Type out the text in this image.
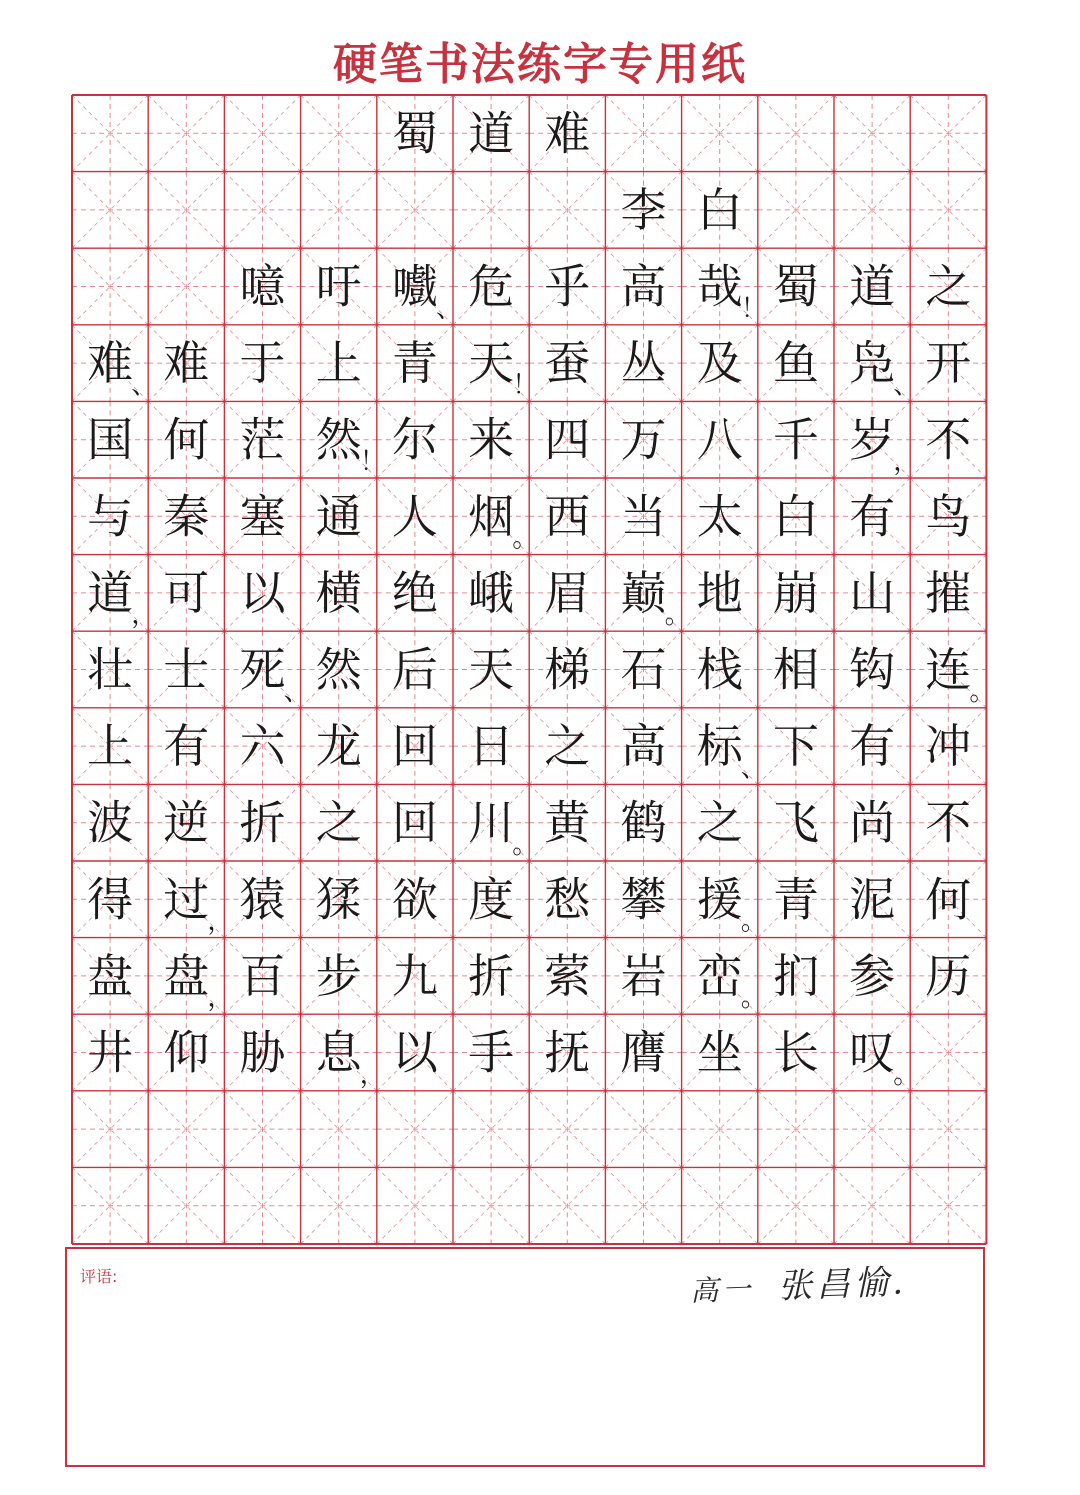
硬笔书法练字专用纸
蜀 道 难
李 白
噫 吁 嚱 危 乎 高 哉 蜀 道 之
难 难 于 上 青 天 蚕 丛 及 鱼 凫 开
国 何 茫 然 尔 来 四 万 八 千 岁 不
与 秦 塞 通 人 烟 西 当 太 白 有 鸟
道 可 以 横 绝 峨 眉 巅 地 崩 山 摧
壮 士 死 然 后 天 梯 石 栈 相 钩 连
上 有 六 龙 回 日 之 高 标 下 有 冲
波 逆 折 之 回 川 黄 鹤 之 飞 尚 不
得 过 猿 猱 欲 度 愁 攀 援 青 泥 何
盘 盘 百 步 九 折 萦 岩 峦 扪 参 历
井 仰 胁 息 以 手 抚 膺 坐 长 叹
、	！
、	！	、
！	，
。
，	。
、	。
、
。
，	。
，	。
，	。
评语:	高一 张昌愉.
